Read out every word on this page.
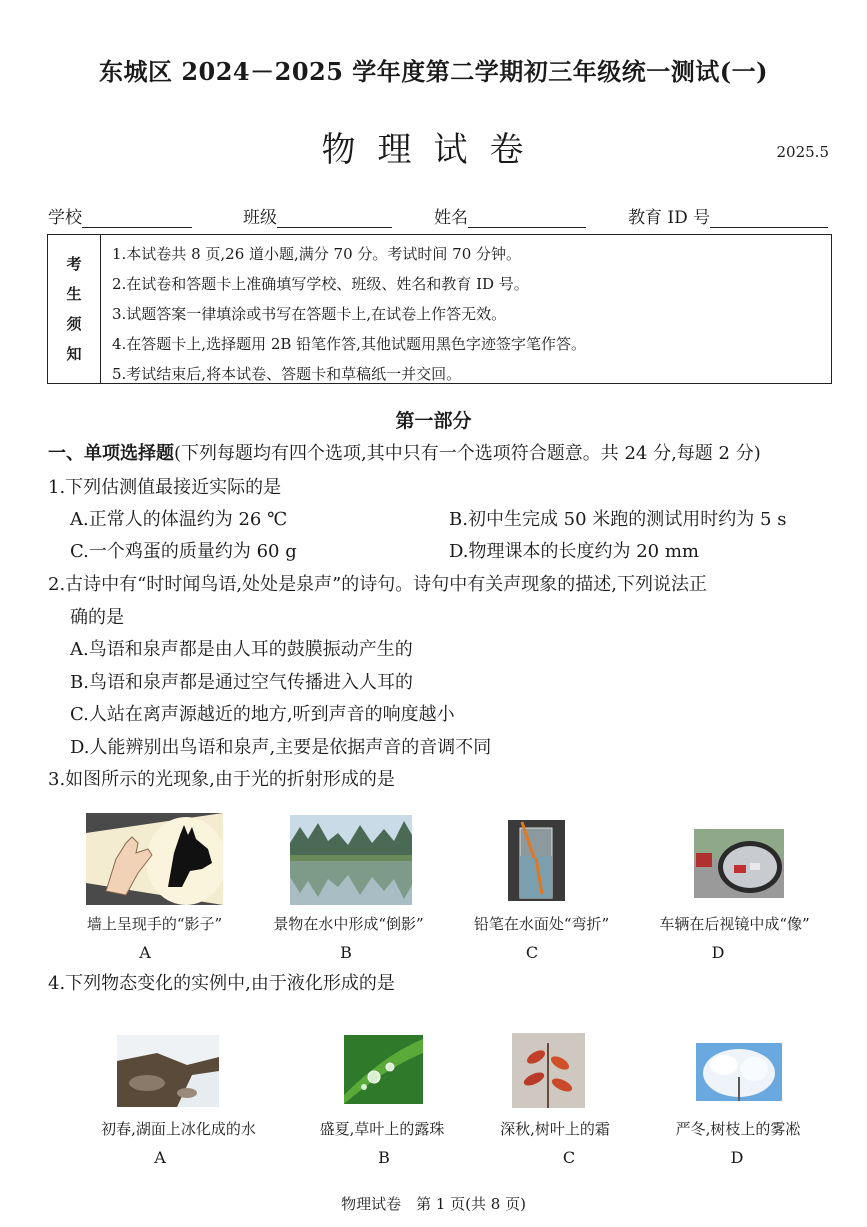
东城区 2024－2025 学年度第二学期初三年级统一测试(一)
物理试卷	2025.5
学校	班级	姓名	教育 ID 号
考
生
须
知
1.本试卷共 8 页,26 道小题,满分 70 分。考试时间 70 分钟。
2.在试卷和答题卡上准确填写学校、班级、姓名和教育 ID 号。
3.试题答案一律填涂或书写在答题卡上,在试卷上作答无效。
4.在答题卡上,选择题用 2B 铅笔作答,其他试题用黑色字迹签字笔作答。
5.考试结束后,将本试卷、答题卡和草稿纸一并交回。
第一部分
一、单项选择题(下列每题均有四个选项,其中只有一个选项符合题意。共 24 分,每题 2 分)
1.下列估测值最接近实际的是
A.正常人的体温约为 26 ℃	B.初中生完成 50 米跑的测试用时约为 5 s
C.一个鸡蛋的质量约为 60 g	D.物理课本的长度约为 20 mm
2.古诗中有“时时闻鸟语,处处是泉声”的诗句。诗句中有关声现象的描述,下列说法正
确的是
A.鸟语和泉声都是由人耳的鼓膜振动产生的
B.鸟语和泉声都是通过空气传播进入人耳的
C.人站在离声源越近的地方,听到声音的响度越小
D.人能辨别出鸟语和泉声,主要是依据声音的音调不同
3.如图所示的光现象,由于光的折射形成的是
墙上呈现手的“影子”	景物在水中形成“倒影”	铅笔在水面处“弯折”	车辆在后视镜中成“像”
A	B	C	D
4.下列物态变化的实例中,由于液化形成的是
初春,湖面上冰化成的水	盛夏,草叶上的露珠	深秋,树叶上的霜	严冬,树枝上的雾凇
A	B	C	D
物理试卷　第 1 页(共 8 页)
